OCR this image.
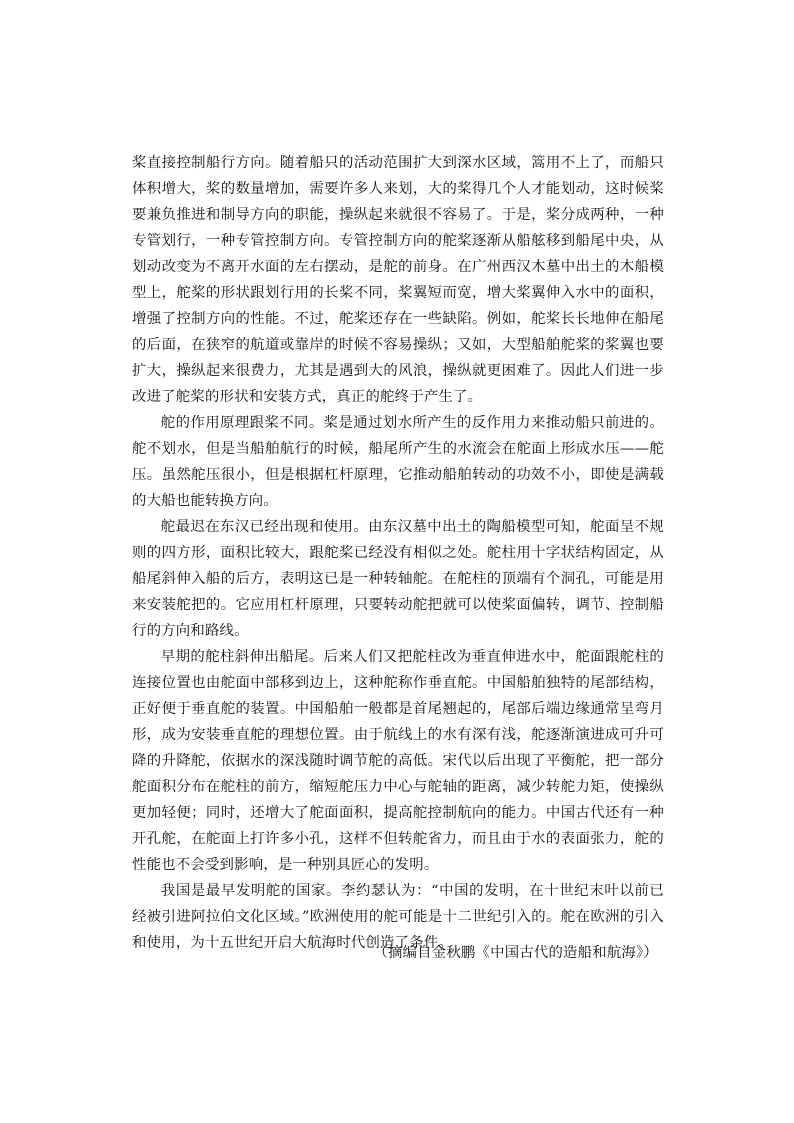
桨直接控制船行方向。随着船只的活动范围扩大到深水区域，篙用不上了，而船只体积增大，桨的数量增加，需要许多人来划，大的桨得几个人才能划动，这时候桨要兼负推进和制导方向的职能，操纵起来就很不容易了。于是，桨分成两种，一种专管划行，一种专管控制方向。专管控制方向的舵桨逐渐从船舷移到船尾中央，从划动改变为不离开水面的左右摆动，是舵的前身。在广州西汉木墓中出土的木船模型上，舵桨的形状跟划行用的长桨不同，桨翼短而宽，增大桨翼伸入水中的面积，增强了控制方向的性能。不过，舵桨还存在一些缺陷。例如，舵桨长长地伸在船尾的后面，在狭窄的航道或靠岸的时候不容易操纵；又如，大型船舶舵桨的桨翼也要扩大，操纵起来很费力，尤其是遇到大的风浪，操纵就更困难了。因此人们进一步改进了舵桨的形状和安装方式，真正的舵终于产生了。

舵的作用原理跟桨不同。桨是通过划水所产生的反作用力来推动船只前进的。舵不划水，但是当船舶航行的时候，船尾所产生的水流会在舵面上形成水压——舵压。虽然舵压很小，但是根据杠杆原理，它推动船舶转动的功效不小，即使是满载的大船也能转换方向。

舵最迟在东汉已经出现和使用。由东汉墓中出土的陶船模型可知，舵面呈不规则的四方形，面积比较大，跟舵桨已经没有相似之处。舵柱用十字状结构固定，从船尾斜伸入船的后方，表明这已是一种转轴舵。在舵柱的顶端有个洞孔，可能是用来安装舵把的。它应用杠杆原理，只要转动舵把就可以使桨面偏转，调节、控制船行的方向和路线。

早期的舵柱斜伸出船尾。后来人们又把舵柱改为垂直伸进水中，舵面跟舵柱的连接位置也由舵面中部移到边上，这种舵称作垂直舵。中国船舶独特的尾部结构，正好便于垂直舵的装置。中国船舶一般都是首尾翘起的，尾部后端边缘通常呈弯月形，成为安装垂直舵的理想位置。由于航线上的水有深有浅，舵逐渐演进成可升可降的升降舵，依据水的深浅随时调节舵的高低。宋代以后出现了平衡舵，把一部分舵面积分布在舵柱的前方，缩短舵压力中心与舵轴的距离，减少转舵力矩，使操纵更加轻便；同时，还增大了舵面面积，提高舵控制航向的能力。中国古代还有一种开孔舵，在舵面上打许多小孔，这样不但转舵省力，而且由于水的表面张力，舵的性能也不会受到影响，是一种别具匠心的发明。

我国是最早发明舵的国家。李约瑟认为：“中国的发明，在十世纪末叶以前已经被引进阿拉伯文化区域。”欧洲使用的舵可能是十二世纪引入的。舵在欧洲的引入和使用，为十五世纪开启大航海时代创造了条件。

（摘编自金秋鹏《中国古代的造船和航海》）
